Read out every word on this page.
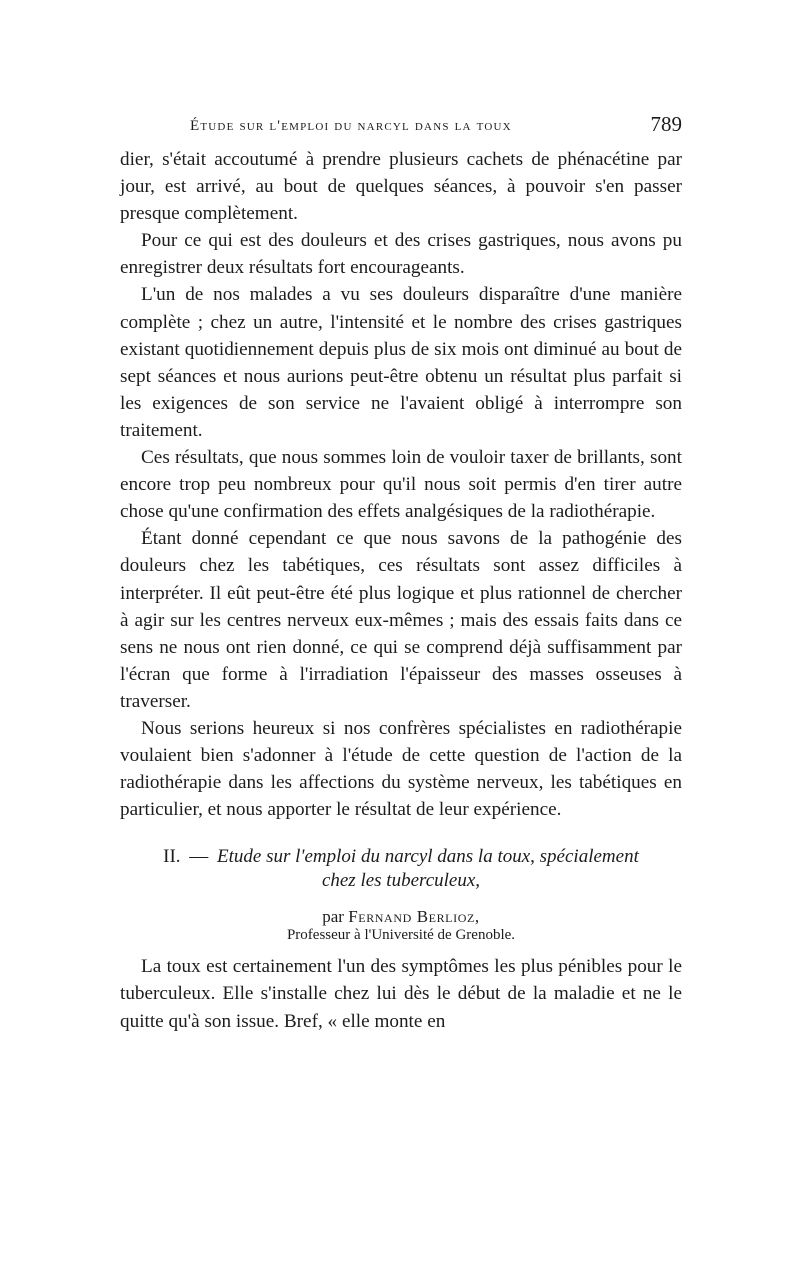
Étude sur l'emploi du narcyl dans la toux	789

dier, s'était accoutumé à prendre plusieurs cachets de phénacétine par jour, est arrivé, au bout de quelques séances, à pouvoir s'en passer presque complètement.

Pour ce qui est des douleurs et des crises gastriques, nous avons pu enregistrer deux résultats fort encourageants.

L'un de nos malades a vu ses douleurs disparaître d'une manière complète ; chez un autre, l'intensité et le nombre des crises gastriques existant quotidiennement depuis plus de six mois ont diminué au bout de sept séances et nous aurions peut-être obtenu un résultat plus parfait si les exigences de son service ne l'avaient obligé à interrompre son traitement.

Ces résultats, que nous sommes loin de vouloir taxer de brillants, sont encore trop peu nombreux pour qu'il nous soit permis d'en tirer autre chose qu'une confirmation des effets analgésiques de la radiothérapie.

Étant donné cependant ce que nous savons de la pathogénie des douleurs chez les tabétiques, ces résultats sont assez difficiles à interpréter. Il eût peut-être été plus logique et plus rationnel de chercher à agir sur les centres nerveux eux-mêmes ; mais des essais faits dans ce sens ne nous ont rien donné, ce qui se comprend déjà suffisamment par l'écran que forme à l'irradiation l'épaisseur des masses osseuses à traverser.

Nous serions heureux si nos confrères spécialistes en radiothérapie voulaient bien s'adonner à l'étude de cette question de l'action de la radiothérapie dans les affections du système nerveux, les tabétiques en particulier, et nous apporter le résultat de leur expérience.

II. — Etude sur l'emploi du narcyl dans la toux, spécialement
chez les tuberculeux,
par Fernand Berlioz,
Professeur à l'Université de Grenoble.

La toux est certainement l'un des symptômes les plus pénibles pour le tuberculeux. Elle s'installe chez lui dès le début de la maladie et ne le quitte qu'à son issue. Bref, « elle monte en
